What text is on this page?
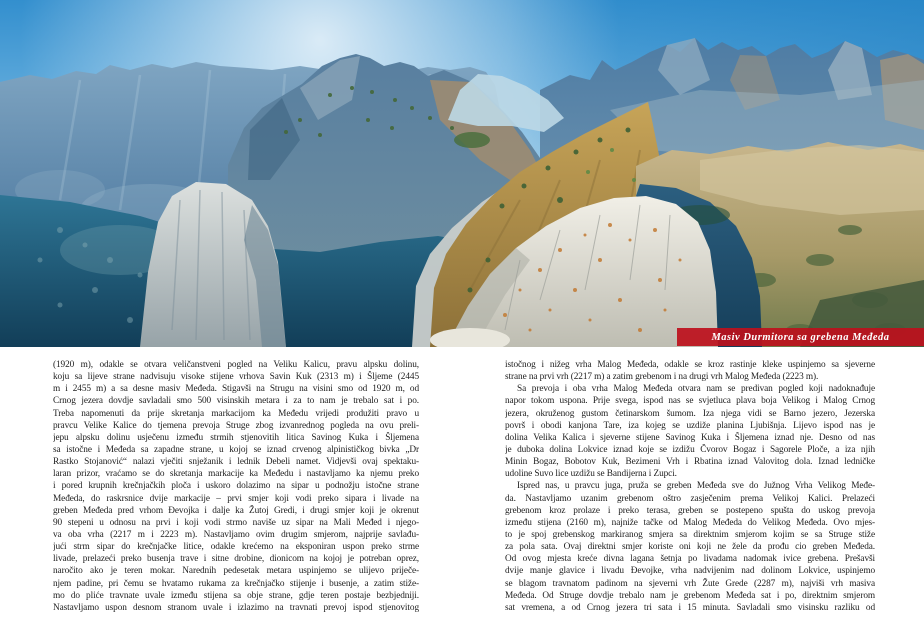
Masiv Durmitora sa grebena Međeda
(1920 m), odakle se otvara veličanstveni pogled na Veliku Kalicu, pravu alpsku dolinu,
koju sa lijeve strane nadvisuju visoke stijene vrhova Savin Kuk (2313 m) i Šljeme (2445
m i 2455 m) a sa desne masiv Međeda. Stigavši na Strugu na visini smo od 1920 m, od
Crnog jezera dovdje savladali smo 500 visinskih metara i za to nam je trebalo sat i po.
Treba napomenuti da prije skretanja markacijom ka Međedu vrijedi produžiti pravo u
pravcu Velike Kalice do tjemena prevoja Struge zbog izvanrednog pogleda na ovu preli-
jepu alpsku dolinu usječenu između strmih stjenovitih litica Savinog Kuka i Šljemena
sa istočne i Međeda sa zapadne strane, u kojoj se iznad crvenog alpinističkog bivka „Dr
Rastko Stojanović“ nalazi vječiti snježanik i lednik Debeli namet. Vidjevši ovaj spektaku-
laran prizor, vraćamo se do skretanja markacije ka Međedu i nastavljamo ka njemu preko
i pored krupnih krečnjačkih ploča i uskoro dolazimo na sipar u podnožju istočne strane
Međeda, do raskrsnice dvije markacije – prvi smjer koji vodi preko sipara i livade na
greben Međeda pred vrhom Đevojka i dalje ka Žutoj Gredi, i drugi smjer koji je okrenut
90 stepeni u odnosu na prvi i koji vodi strmo naviše uz sipar na Mali Međed i njego-
va oba vrha (2217 m i 2223 m). Nastavljamo ovim drugim smjerom, najprije savlađu-
jući strm sipar do krečnjačke litice, odakle krećemo na eksponiran uspon preko strme
livade, prelazeći preko busenja trave i sitne drobine, dionicom na kojoj je potreban oprez,
naročito ako je teren mokar. Narednih pedesetak metara uspinjemo se ulijevo priječe-
njem padine, pri čemu se hvatamo rukama za krečnjačko stijenje i busenje, a zatim stiže-
mo do pliće travnate uvale između stijena sa obje strane, gdje teren postaje bezbjedniji.
Nastavljamo uspon desnom stranom uvale i izlazimo na travnati prevoj ispod stjenovitog
istočnog i nižeg vrha Malog Međeda, odakle se kroz rastinje kleke uspinjemo sa sjeverne
strane na prvi vrh (2217 m) a zatim grebenom i na drugi vrh Malog Međeda (2223 m).
Sa prevoja i oba vrha Malog Međeda otvara nam se predivan pogled koji nadoknađuje
napor tokom uspona. Prije svega, ispod nas se svjetluca plava boja Velikog i Malog Crnog
jezera, okruženog gustom četinarskom šumom. Iza njega vidi se Barno jezero, Jezerska
površ i obodi kanjona Tare, iza kojeg se uzdiže planina Ljubišnja. Lijevo ispod nas je
dolina Velika Kalica i sjeverne stijene Savinog Kuka i Šljemena iznad nje. Desno od nas
je duboka dolina Lokvice iznad koje se izdižu Čvorov Bogaz i Sagorele Ploče, a iza njih
Minin Bogaz, Bobotov Kuk, Bezimeni Vrh i Rbatina iznad Valovitog dola. Iznad ledničke
udoline Suvo lice uzdižu se Bandijerna i Zupci.
Ispred nas, u pravcu juga, pruža se greben Međeda sve do Južnog Vrha Velikog Međe-
da. Nastavljamo uzanim grebenom oštro zasječenim prema Velikoj Kalici. Prelazeći
grebenom kroz prolaze i preko terasa, greben se postepeno spušta do uskog prevoja
između stijena (2160 m), najniže tačke od Malog Međeda do Velikog Međeda. Ovo mjes-
to je spoj grebenskog markiranog smjera sa direktnim smjerom kojim se sa Struge stiže
za pola sata. Ovaj direktni smjer koriste oni koji ne žele da prođu cio greben Međeda.
Od ovog mjesta kreće divna lagana šetnja po livadama nadomak ivice grebena. Prešavši
dvije manje glavice i livadu Đevojke, vrha nadvijenim nad dolinom Lokvice, uspinjemo
se blagom travnatom padinom na sjeverni vrh Žute Grede (2287 m), najviši vrh masiva
Međeda. Od Struge dovdje trebalo nam je grebenom Međeda sat i po, direktnim smjerom
sat vremena, a od Crnog jezera tri sata i 15 minuta. Savladali smo visinsku razliku od
